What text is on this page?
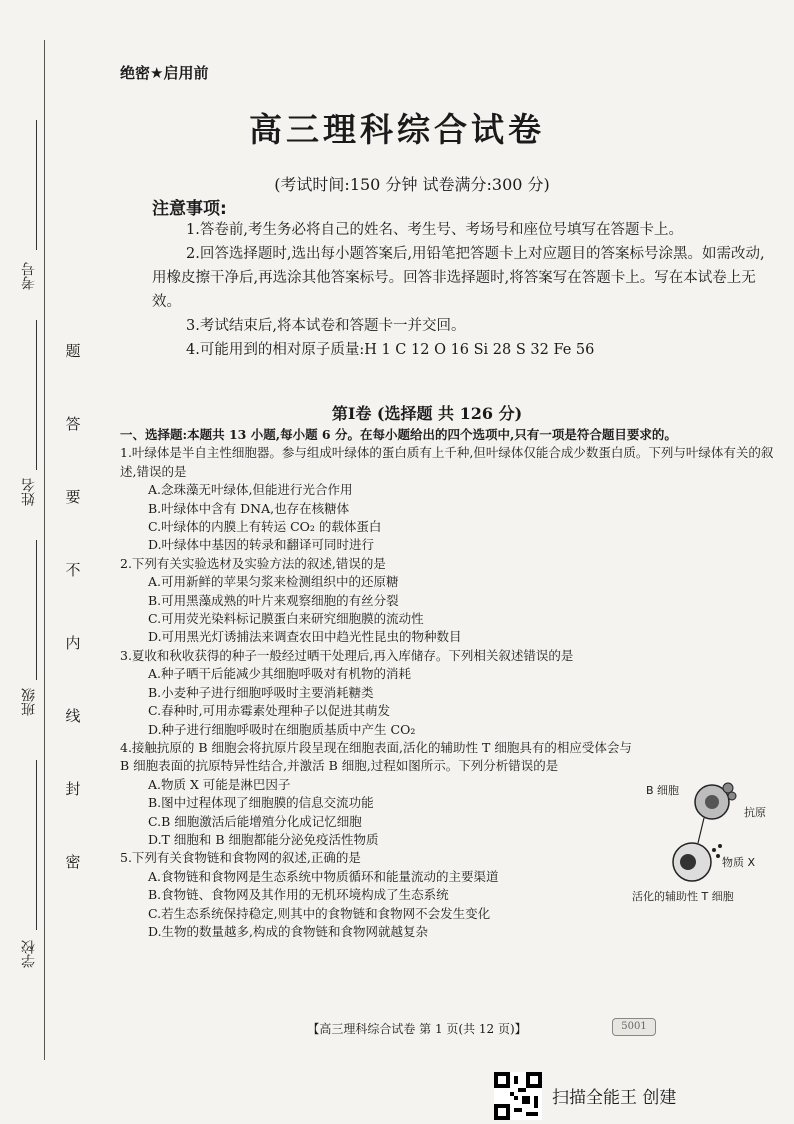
考号
姓名
班级
学校
题
答
要
不
内
线
封
密
绝密★启用前
高三理科综合试卷
(考试时间:150 分钟 试卷满分:300 分)
注意事项:

1.答卷前,考生务必将自己的姓名、考生号、考场号和座位号填写在答题卡上。

2.回答选择题时,选出每小题答案后,用铅笔把答题卡上对应题目的答案标号涂黑。如需改动,用橡皮擦干净后,再选涂其他答案标号。回答非选择题时,将答案写在答题卡上。写在本试卷上无效。

3.考试结束后,将本试卷和答题卡一并交回。

4.可能用到的相对原子质量:H 1 C 12 O 16 Si 28 S 32 Fe 56

第Ⅰ卷 (选择题 共 126 分)
一、选择题:本题共 13 小题,每小题 6 分。在每小题给出的四个选项中,只有一项是符合题目要求的。

1.叶绿体是半自主性细胞器。参与组成叶绿体的蛋白质有上千种,但叶绿体仅能合成少数蛋白质。下列与叶绿体有关的叙述,错误的是

A.念珠藻无叶绿体,但能进行光合作用

B.叶绿体中含有 DNA,也存在核糖体

C.叶绿体的内膜上有转运 CO₂ 的载体蛋白

D.叶绿体中基因的转录和翻译可同时进行

2.下列有关实验选材及实验方法的叙述,错误的是

A.可用新鲜的苹果匀浆来检测组织中的还原糖

B.可用黑藻成熟的叶片来观察细胞的有丝分裂

C.可用荧光染料标记膜蛋白来研究细胞膜的流动性

D.可用黑光灯诱捕法来调查农田中趋光性昆虫的物种数目

3.夏收和秋收获得的种子一般经过晒干处理后,再入库储存。下列相关叙述错误的是

A.种子晒干后能减少其细胞呼吸对有机物的消耗

B.小麦种子进行细胞呼吸时主要消耗糖类

C.春种时,可用赤霉素处理种子以促进其萌发

D.种子进行细胞呼吸时在细胞质基质中产生 CO₂

4.接触抗原的 B 细胞会将抗原片段呈现在细胞表面,活化的辅助性 T 细胞具有的相应受体会与 B 细胞表面的抗原特异性结合,并激活 B 细胞,过程如图所示。下列分析错误的是

A.物质 X 可能是淋巴因子

B.图中过程体现了细胞膜的信息交流功能

C.B 细胞激活后能增殖分化成记忆细胞

D.T 细胞和 B 细胞都能分泌免疫活性物质

5.下列有关食物链和食物网的叙述,正确的是

A.食物链和食物网是生态系统中物质循环和能量流动的主要渠道

B.食物链、食物网及其作用的无机环境构成了生态系统

C.若生态系统保持稳定,则其中的食物链和食物网不会发生变化

D.生物的数量越多,构成的食物链和食物网就越复杂

B 细胞
抗原
物质 X
活化的辅助性 T 细胞
【高三理科综合试卷 第 1 页(共 12 页)】	5001
扫描全能王 创建
